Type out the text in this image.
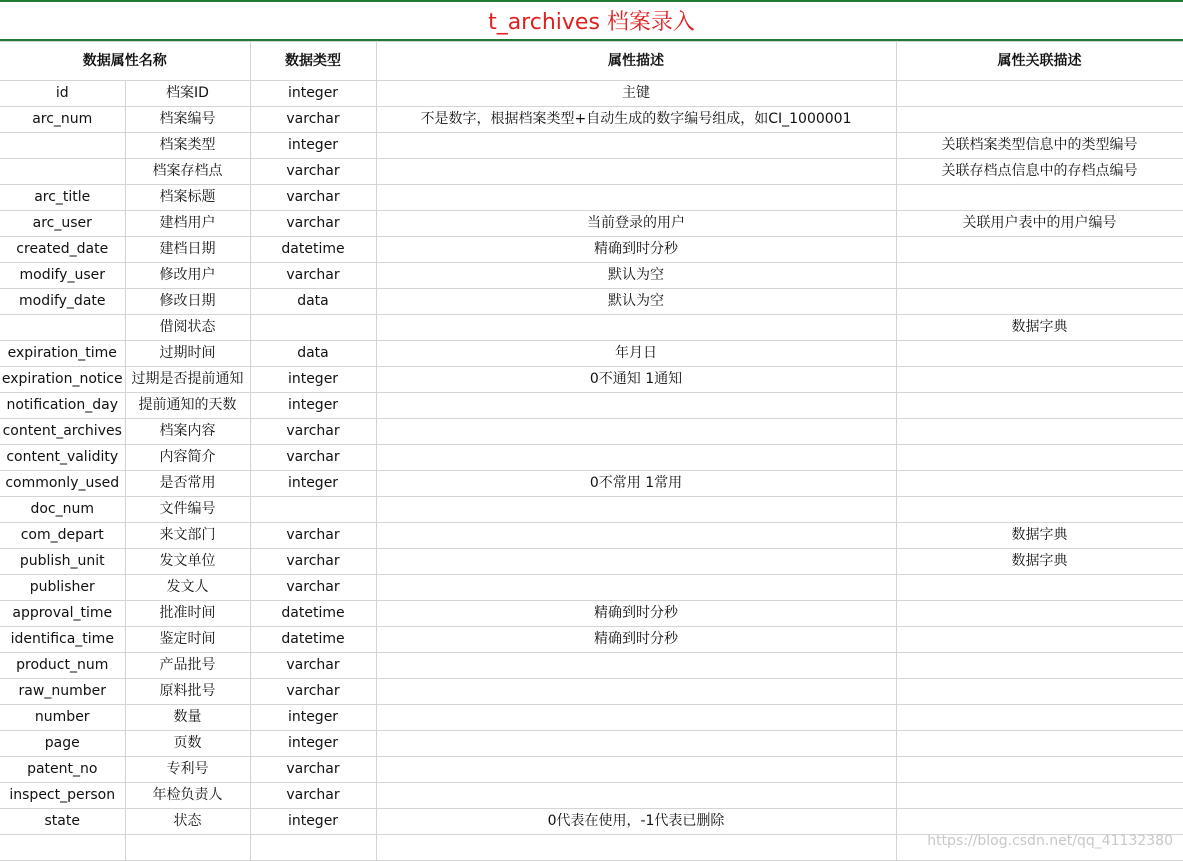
t_archives 档案录入
数据属性名称		数据类型	属性描述	属性关联描述
id	档案ID	integer	主键	
arc_num	档案编号	varchar	不是数字，根据档案类型+自动生成的数字编号组成，如CI_1000001	
	档案类型	integer		关联档案类型信息中的类型编号
	档案存档点	varchar		关联存档点信息中的存档点编号
arc_title	档案标题	varchar		
arc_user	建档用户	varchar	当前登录的用户	关联用户表中的用户编号
created_date	建档日期	datetime	精确到时分秒	
modify_user	修改用户	varchar	默认为空	
modify_date	修改日期	data	默认为空	
	借阅状态			数据字典
expiration_time	过期时间	data	年月日	
expiration_notice	过期是否提前通知	integer	0不通知 1通知	
notification_day	提前通知的天数	integer		
content_archives	档案内容	varchar		
content_validity	内容简介	varchar		
commonly_used	是否常用	integer	0不常用 1常用	
doc_num	文件编号			
com_depart	来文部门	varchar		数据字典
publish_unit	发文单位	varchar		数据字典
publisher	发文人	varchar		
approval_time	批准时间	datetime	精确到时分秒	
identifica_time	鉴定时间	datetime	精确到时分秒	
product_num	产品批号	varchar		
raw_number	原料批号	varchar		
number	数量	integer		
page	页数	integer		
patent_no	专利号	varchar		
inspect_person	年检负责人	varchar		
state	状态	integer	0代表在使用，-1代表已删除	

https://blog.csdn.net/qq_41132380
